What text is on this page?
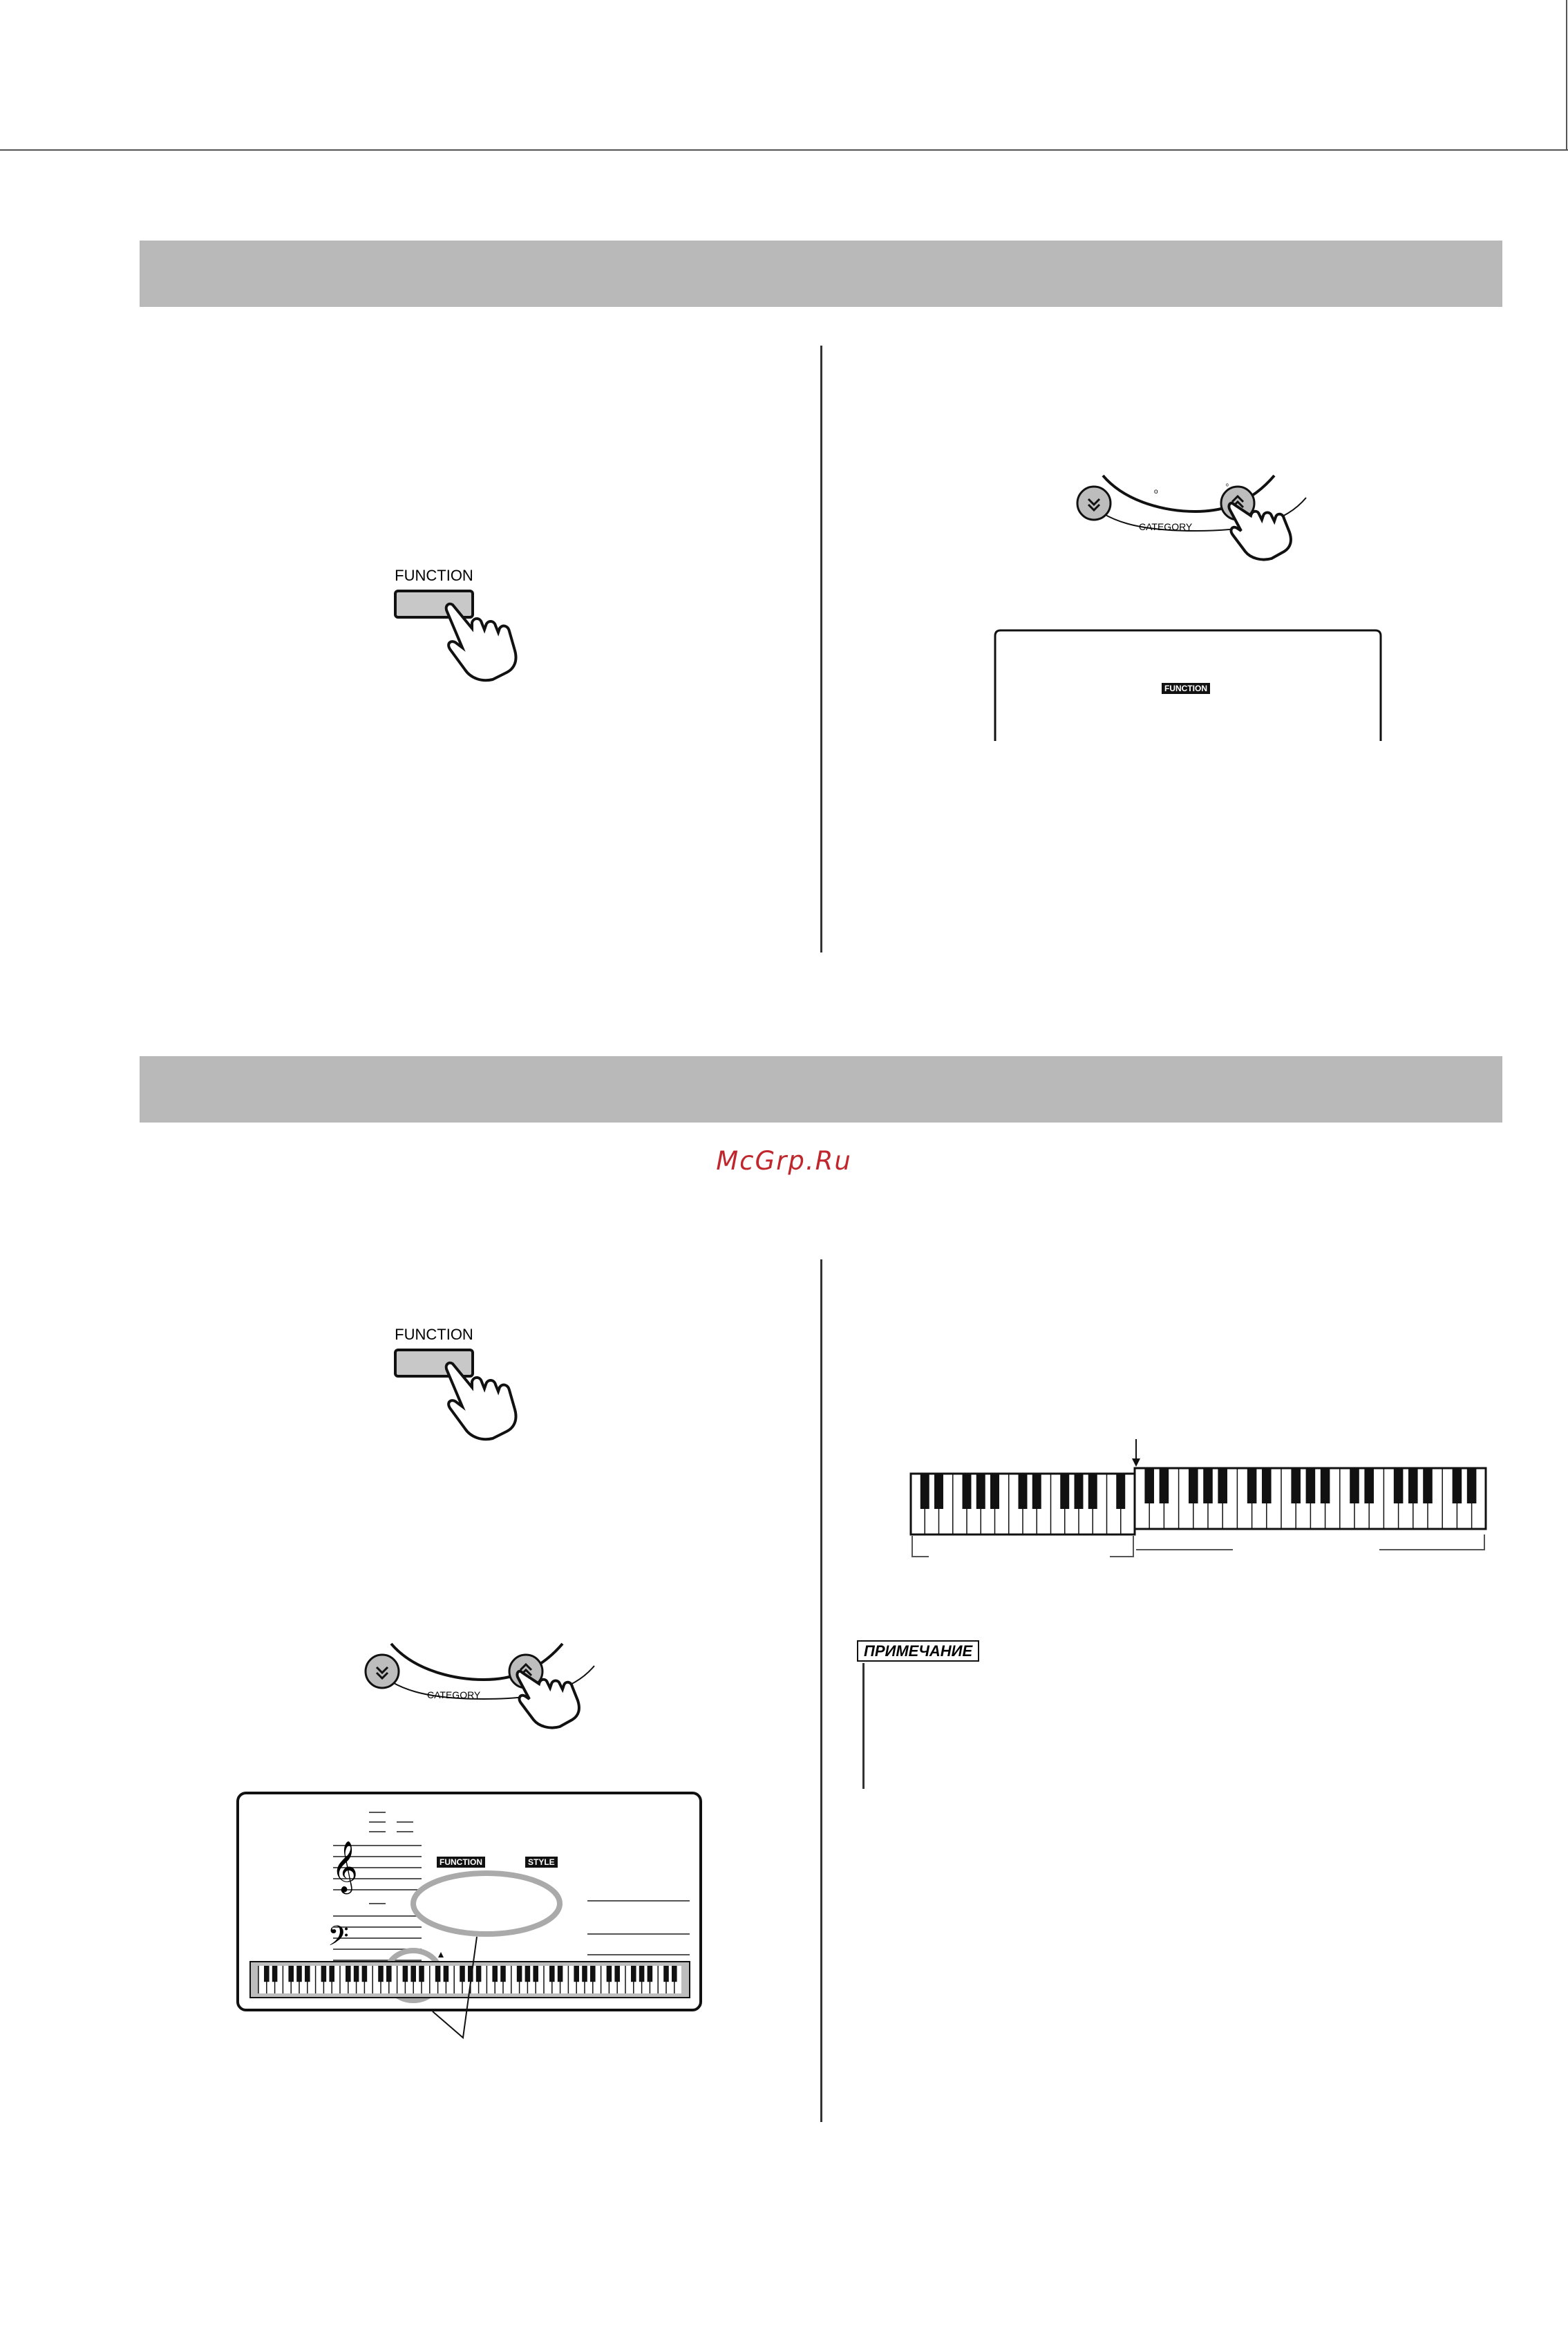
FUNCTION
o
ᵒ
CATEGORY
FUNCTION
McGrp.Ru
FUNCTION
CATEGORY
𝄞
𝄢
FUNCTION	STYLE
ПРИМЕЧАНИЕ
